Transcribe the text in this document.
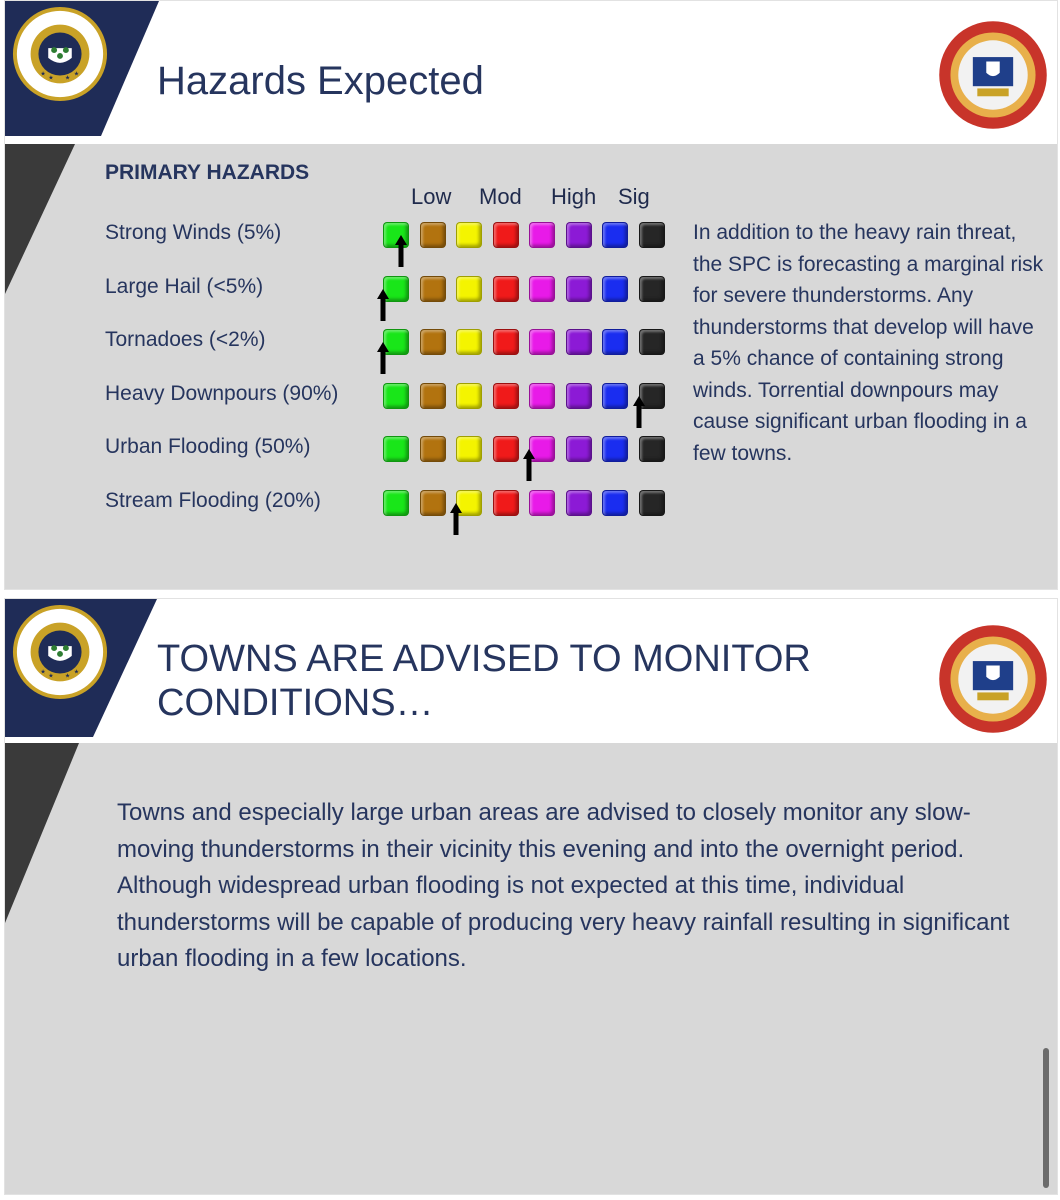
★
★ ★
★ Hazards Expected
PRIMARY HAZARDS
Low Mod High Sig
Strong Winds (5%)
Large Hail (<5%)
Tornadoes (<2%)
Heavy Downpours (90%)
Urban Flooding (50%)
Stream Flooding (20%)

In addition to the heavy rain threat, the SPC is forecasting a marginal risk for severe thunderstorms. Any thunderstorms that develop will have a 5% chance of containing strong winds. Torrential downpours may cause significant urban flooding in a few towns.

★
★ ★
★ TOWNS ARE ADVISED TO MONITOR
CONDITIONS…

Towns and especially large urban areas are advised to closely monitor any slow-moving thunderstorms in their vicinity this evening and into the overnight period. Although widespread urban flooding is not expected at this time, individual thunderstorms will be capable of producing very heavy rainfall resulting in significant urban flooding in a few locations.
